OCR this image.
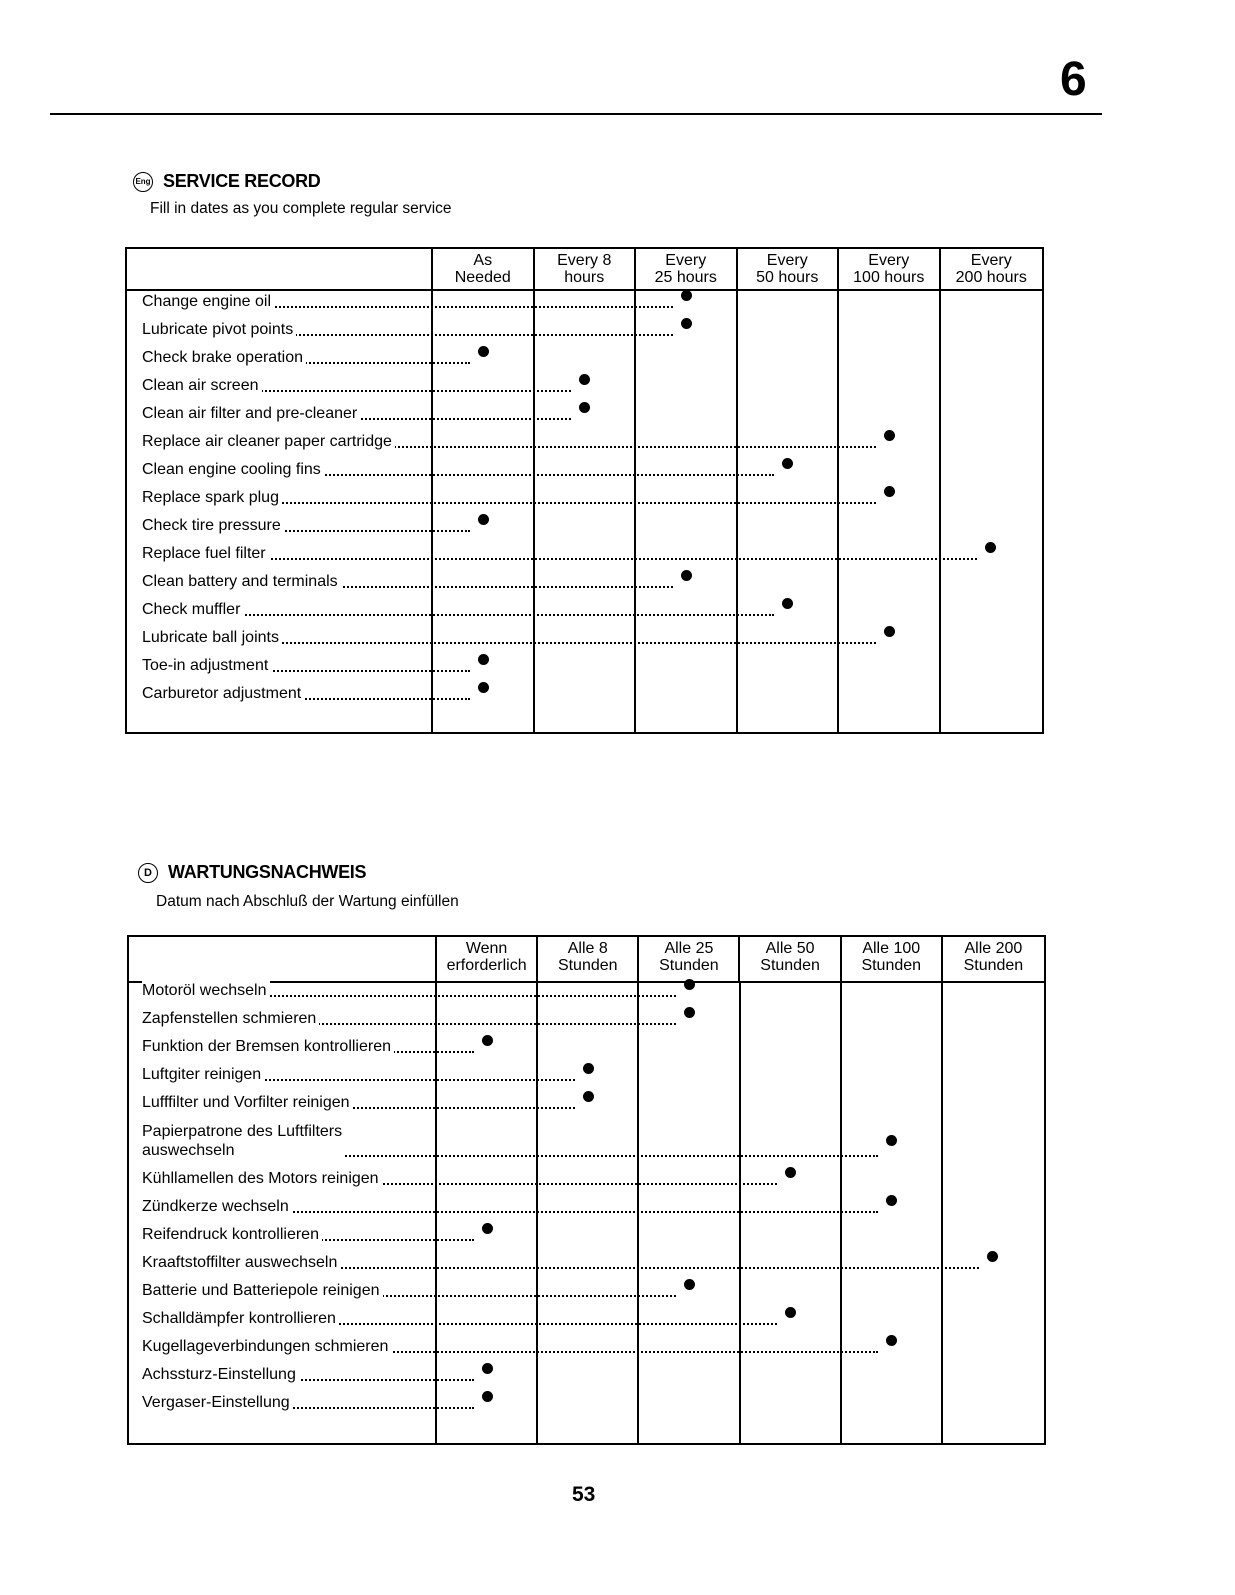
6
Eng SERVICE RECORD
Fill in dates as you complete regular service
As
Needed
Every 8
hours
Every
25 hours
Every
50 hours
Every
100 hours
Every
200 hours
Change engine oil
Lubricate pivot points
Check brake operation
Clean air screen
Clean air filter and pre-cleaner
Replace air cleaner paper cartridge
Clean engine cooling fins
Replace spark plug
Check tire pressure
Replace fuel filter
Clean battery and terminals
Check muffler
Lubricate ball joints
Toe-in adjustment
Carburetor adjustment
D WARTUNGSNACHWEIS
Datum nach Abschluß der Wartung einfüllen
Wenn
erforderlich
Alle 8
Stunden
Alle 25
Stunden
Alle 50
Stunden
Alle 100
Stunden
Alle 200
Stunden
Motoröl wechseln
Zapfenstellen schmieren
Funktion der Bremsen kontrollieren
Luftgiter reinigen
Lufffilter und Vorfilter reinigen
Papierpatrone des Luftfilters
auswechseln
Kühllamellen des Motors reinigen
Zündkerze wechseln
Reifendruck kontrollieren
Kraaftstoffilter auswechseln
Batterie und Batteriepole reinigen
Schalldämpfer kontrollieren
Kugellageverbindungen schmieren
Achssturz-Einstellung
Vergaser-Einstellung
53
